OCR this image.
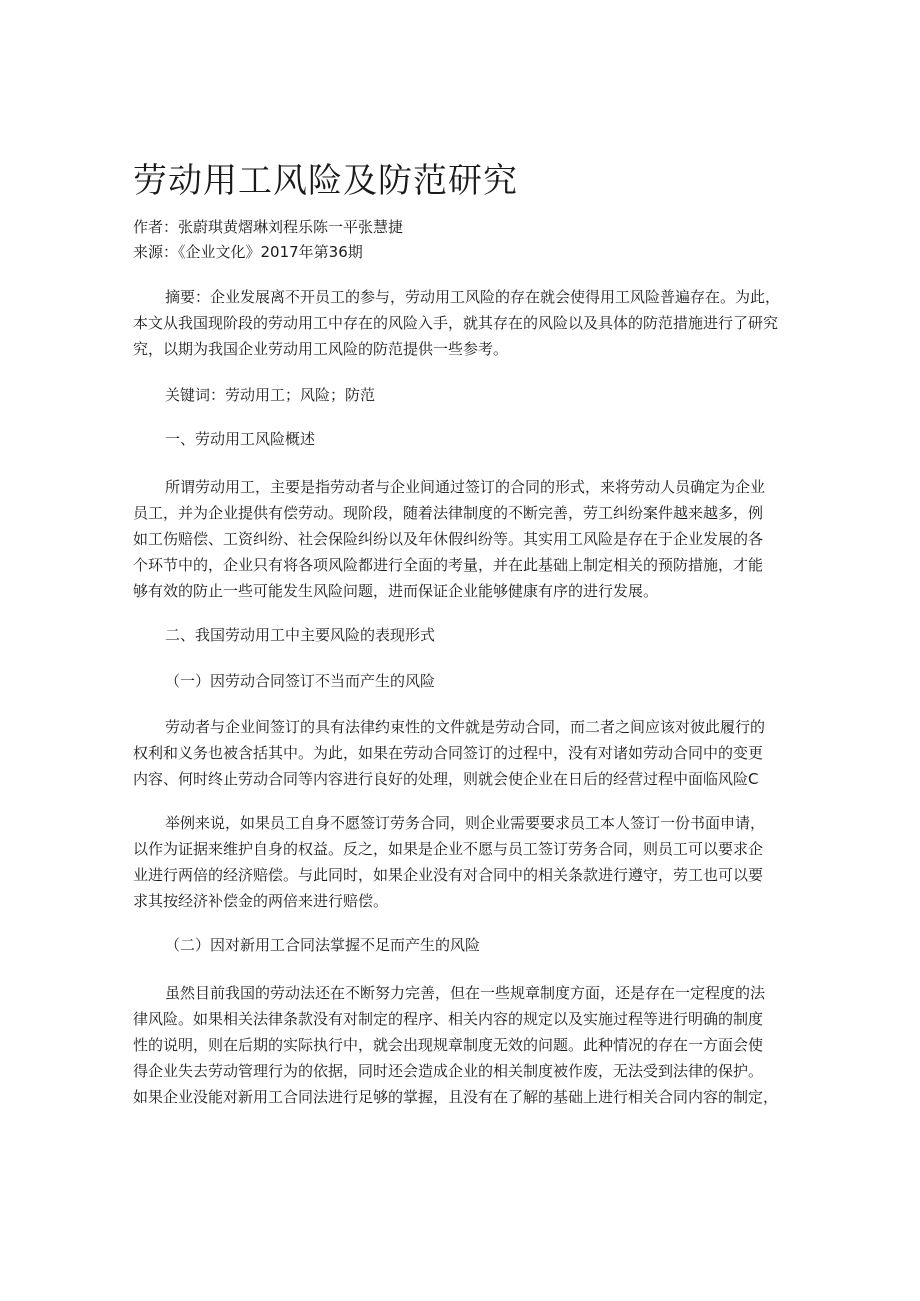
劳动用工风险及防范研究

作者：张蔚琪黄熠琳刘程乐陈一平张慧捷

来源：《企业文化》2017年第36期

摘要：企业发展离不开员工的参与，劳动用工风险的存在就会使得用工风险普遍存在。为此，
本文从我国现阶段的劳动用工中存在的风险入手，就其存在的风险以及具体的防范措施进行了研究
究，以期为我国企业劳动用工风险的防范提供一些参考。

关键词：劳动用工；风险；防范

一、劳动用工风险概述

所谓劳动用工，主要是指劳动者与企业间通过签订的合同的形式，来将劳动人员确定为企业
员工，并为企业提供有偿劳动。现阶段，随着法律制度的不断完善，劳工纠纷案件越来越多，例
如工伤赔偿、工资纠纷、社会保险纠纷以及年休假纠纷等。其实用工风险是存在于企业发展的各
个环节中的，企业只有将各项风险都进行全面的考量，并在此基础上制定相关的预防措施，才能
够有效的防止一些可能发生风险问题，进而保证企业能够健康有序的进行发展。

二、我国劳动用工中主要风险的表现形式

（一）因劳动合同签订不当而产生的风险

劳动者与企业间签订的具有法律约束性的文件就是劳动合同，而二者之间应该对彼此履行的
权利和义务也被含括其中。为此，如果在劳动合同签订的过程中，没有对诸如劳动合同中的变更
内容、何时终止劳动合同等内容进行良好的处理，则就会使企业在日后的经营过程中面临风险C
举例来说，如果员工自身不愿签订劳务合同，则企业需要要求员工本人签订一份书面申请，
以作为证据来维护自身的权益。反之，如果是企业不愿与员工签订劳务合同，则员工可以要求企
业进行两倍的经济赔偿。与此同时，如果企业没有对合同中的相关条款进行遵守，劳工也可以要
求其按经济补偿金的两倍来进行赔偿。

（二）因对新用工合同法掌握不足而产生的风险

虽然目前我国的劳动法还在不断努力完善，但在一些规章制度方面，还是存在一定程度的法
律风险。如果相关法律条款没有对制定的程序、相关内容的规定以及实施过程等进行明确的制度
性的说明，则在后期的实际执行中，就会出现规章制度无效的问题。此种情况的存在一方面会使
得企业失去劳动管理行为的依据，同时还会造成企业的相关制度被作废，无法受到法律的保护。
如果企业没能对新用工合同法进行足够的掌握，且没有在了解的基础上进行相关合同内容的制定，
